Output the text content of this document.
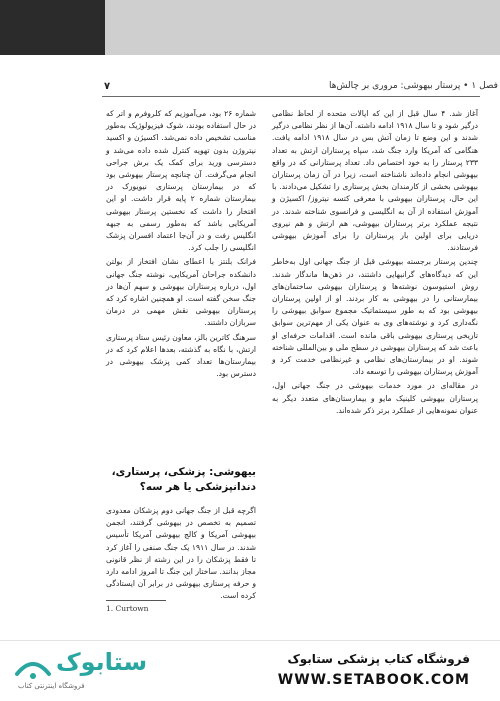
۷	فصل ۱ • پرستار بیهوشی: مروری بر چالش‌ها

آغاز شد. ۴ سال قبل از این که ایالات متحده از لحاظ نظامی درگیر شود و تا سال ۱۹۱۸ ادامه داشته. آن‌ها از نظر نظامی درگیر شدند و این وضع تا زمان آتش بس در سال ۱۹۱۸ ادامه یافت. هنگامی که آمریکا وارد جنگ شد، سپاه پرستاران ارتش به تعداد ۲۳۳ پرستار را به خود اختصاص داد. تعداد پرستارانی که در واقع بیهوشی انجام داده‌اند ناشناخته است، زیرا در آن زمان پرستاران بیهوشی بخشی از کارمندان بخش پرستاری را تشکیل می‌دادند. با این حال، پرستاران بیهوشی با معرفی کتسه نیتروز/ اکسیژن و آموزش استفاده از آن به انگلیسی و فرانسوی شناخته شدند. در نتیجه عملکرد برتر پرستاران بیهوشی، هم ارتش و هم نیروی دریایی برای اولین بار پرستاران را برای آموزش بیهوشی فرستادند.

چندین پرستار برجسته بیهوشی قبل از جنگ جهانی اول به‌خاطر این که دیدگاه‌های گرانبهایی داشتند، در ذهن‌ها ماندگار شدند. روش استیوسون نوشته‌ها و پرستاران بیهوشی ساختمان‌های بیمارستانی را در بیهوشی به کار بردند. او از اولین پرستاران بیهوشی بود که به طور سیستماتیک مجموع سوابق بیهوشی را نگه‌داری کرد و نوشته‌های وی به عنوان یکی از مهم‌ترین سوابق تاریخی پرستاری بیهوشی باقی مانده است. اقدامات حرفه‌ای او باعث شد که پرستاران بیهوشی در سطح ملی و بین‌المللی شناخته شوند. او در بیمارستان‌های نظامی و غیرنظامی خدمت کرد و آموزش پرستاران بیهوشی را توسعه داد.

در مقاله‌ای در مورد خدمات بیهوشی در جنگ جهانی اول، پرستاران بیهوشی کلینیک مایو و بیمارستان‌های متعدد دیگر به عنوان نمونه‌هایی از عملکرد برتر ذکر شده‌اند.

شماره ۲۶ بود، می‌آموزیم که کلروفرم و اتر که در حال استفاده بودند، شوک فیزیولوژیک به‌طور مناسب تشخیص داده نمی‌شد. اکسیژن و اکسید نیتروژن بدون تهویه کنترل شده داده می‌شد و دسترسی ورید برای کمک یک برش جراحی انجام می‌گرفت. آن چنانچه پرستار بیهوشی بود که در بیمارستان پرستاری نیویورک در بیمارستان شماره ۲ پایه قرار داشت. او این افتخار را داشت که نخستین پرستار بیهوشی آمریکایی باشد که به‌طور رسمی به جبهه انگلیس رفت و در آن‌جا اعتماد افسران پزشک انگلیسی را جلب کرد.

فرانک بلنتز با اعطای نشان افتخار از بولتن دانشکده جراحان آمریکایی، نوشته جنگ جهانی اول، درباره پرستاران بیهوشی و سهم آن‌ها در جنگ سخن گفته است. او همچنین اشاره کرد که پرستاران بیهوشی نقش مهمی در درمان سربازان داشتند.

سرهنگ کاترین بالز، معاون رئیس ستاد پرستاری ارتش، با نگاه به گذشته، بعدها اعلام کرد که در بیمارستان‌ها تعداد کمی پزشک بیهوشی در دسترس بود.

بیهوشی: پزشکی، پرستاری، دندانپزشکی یا هر سه؟
اگرچه قبل از جنگ جهانی دوم پزشکان معدودی تصمیم به تخصص در بیهوشی گرفتند، انجمن بیهوشی آمریکا و کالج بیهوشی آمریکا تأسیس شدند. در سال ۱۹۱۱ یک جنگ صنفی را آغاز کرد تا فقط پزشکان را در این رشته از نظر قانونی مجاز بدانند. ساختار این جنگ تا امروز ادامه دارد و حرفه پرستاری بیهوشی در برابر آن ایستادگی کرده است.
1. Curtown
ستابوک
فروشگاه اینترنتی کتاب
فروشگاه کتاب پزشکی ستابوک
WWW.SETABOOK.COM
